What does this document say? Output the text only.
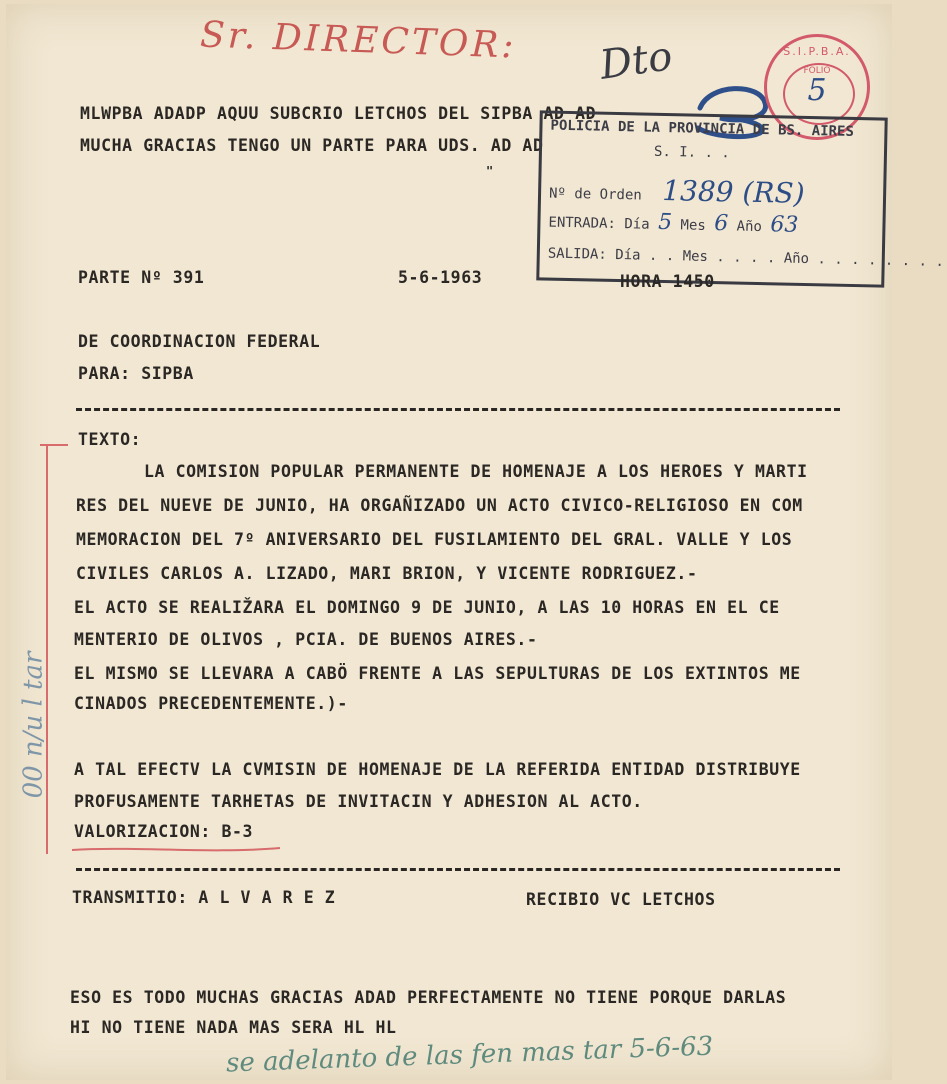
Sr. DIRECTOR: Dto	S.I.P.B.A.
FOLIO
5
MLWPBA ADADP AQUU SUBCRIO LETCHOS DEL SIPBA AD AD
MUCHA GRACIAS TENGO UN PARTE PARA UDS. AD AD
"
POLICIA DE LA PROVINCIA DE BS. AIRES
S. I. . .
Nº de Orden 1389 (RS)
ENTRADA: Día 5 Mes 6 Año 63
SALIDA: Día . . Mes . . . . Año . . . . . . . .
PARTE Nº 391	5-6-1963	HORA 1450
DE COORDINACION FEDERAL
PARA: SIPBA
TEXTO:
LA COMISION POPULAR PERMANENTE DE HOMENAJE A LOS HEROES Y MARTI
RES DEL NUEVE DE JUNIO, HA ORGAÑIZADO UN ACTO CIVICO-RELIGIOSO EN COM
MEMORACION DEL 7º ANIVERSARIO DEL FUSILAMIENTO DEL GRAL. VALLE Y LOS
CIVILES CARLOS A. LIZADO, MARI BRION, Y VICENTE RODRIGUEZ.-
EL ACTO SE REALIŽARA EL DOMINGO 9 DE JUNIO, A LAS 10 HORAS EN EL CE
MENTERIO DE OLIVOS , PCIA. DE BUENOS AIRES.-
EL MISMO SE LLEVARA A CABÖ FRENTE A LAS SEPULTURAS DE LOS EXTINTOS ME
CINADOS PRECEDENTEMENTE.)-
A TAL EFECTV LA CVMISIN DE HOMENAJE DE LA REFERIDA ENTIDAD DISTRIBUYE
PROFUSAMENTE TARHETAS DE INVITACIN Y ADHESION AL ACTO.
VALORIZACION: B-3
TRANSMITIO: A L V A R E Z	RECIBIO VC LETCHOS
ESO ES TODO MUCHAS GRACIAS ADAD PERFECTAMENTE NO TIENE PORQUE DARLAS
HI NO TIENE NADA MAS SERA HL HL
00 n/u l tar
se adelanto de las fen mas tar 5-6-63
